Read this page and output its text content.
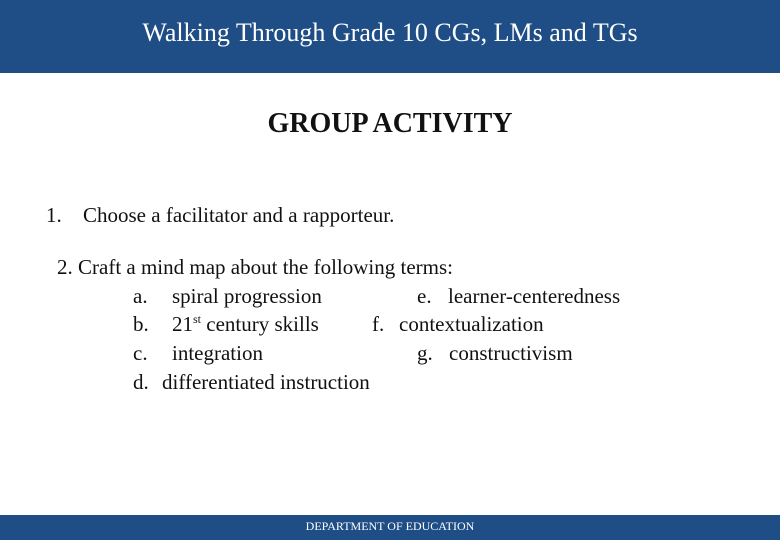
Walking Through Grade 10 CGs, LMs and TGs
GROUP ACTIVITY
1. Choose a facilitator and a rapporteur.
2. Craft a mind map about the following terms:
a. spiral progression
b. 21st century skills
c. integration
d. differentiated instruction
e. learner-centeredness
f. contextualization
g. constructivism
DEPARTMENT OF EDUCATION
